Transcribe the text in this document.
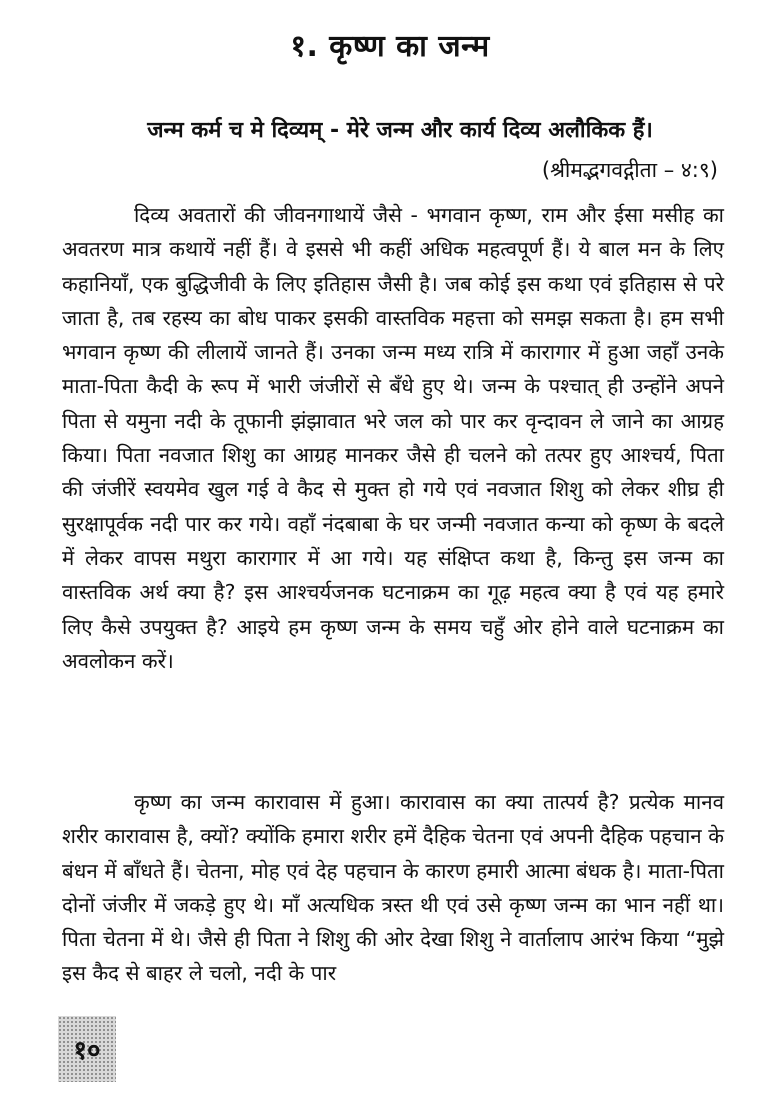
१. कृष्ण का जन्म
जन्म कर्म च मे दिव्यम् - मेरे जन्म और कार्य दिव्य अलौकिक हैं।
(श्रीमद्भगवद्गीता – ४:९)

दिव्य अवतारों की जीवनगाथायें जैसे - भगवान कृष्ण, राम और ईसा मसीह का अवतरण मात्र कथायें नहीं हैं। वे इससे भी कहीं अधिक महत्वपूर्ण हैं। ये बाल मन के लिए कहानियाँ, एक बुद्धिजीवी के लिए इतिहास जैसी है। जब कोई इस कथा एवं इतिहास से परे जाता है, तब रहस्य का बोध पाकर इसकी वास्तविक महत्ता को समझ सकता है। हम सभी भगवान कृष्ण की लीलायें जानते हैं। उनका जन्म मध्य रात्रि में कारागार में हुआ जहाँ उनके माता-पिता कैदी के रूप में भारी जंजीरों से बँधे हुए थे। जन्म के पश्चात् ही उन्होंने अपने पिता से यमुना नदी के तूफानी झंझावात भरे जल को पार कर वृन्दावन ले जाने का आग्रह किया। पिता नवजात शिशु का आग्रह मानकर जैसे ही चलने को तत्पर हुए आश्चर्य, पिता की जंजीरें स्वयमेव खुल गई वे कैद से मुक्त हो गये एवं नवजात शिशु को लेकर शीघ्र ही सुरक्षापूर्वक नदी पार कर गये। वहाँ नंदबाबा के घर जन्मी नवजात कन्या को कृष्ण के बदले में लेकर वापस मथुरा कारागार में आ गये। यह संक्षिप्त कथा है, किन्तु इस जन्म का वास्तविक अर्थ क्या है? इस आश्चर्यजनक घटनाक्रम का गूढ़ महत्व क्या है एवं यह हमारे लिए कैसे उपयुक्त है? आइये हम कृष्ण जन्म के समय चहुँ ओर होने वाले घटनाक्रम का अवलोकन करें।

कृष्ण का जन्म कारावास में हुआ। कारावास का क्या तात्पर्य है? प्रत्येक मानव शरीर कारावास है, क्यों? क्योंकि हमारा शरीर हमें दैहिक चेतना एवं अपनी दैहिक पहचान के बंधन में बाँधते हैं। चेतना, मोह एवं देह पहचान के कारण हमारी आत्मा बंधक है। माता-पिता दोनों जंजीर में जकड़े हुए थे। माँ अत्यधिक त्रस्त थी एवं उसे कृष्ण जन्म का भान नहीं था। पिता चेतना में थे। जैसे ही पिता ने शिशु की ओर देखा शिशु ने वार्तालाप आरंभ किया “मुझे इस कैद से बाहर ले चलो, नदी के पार

१०
